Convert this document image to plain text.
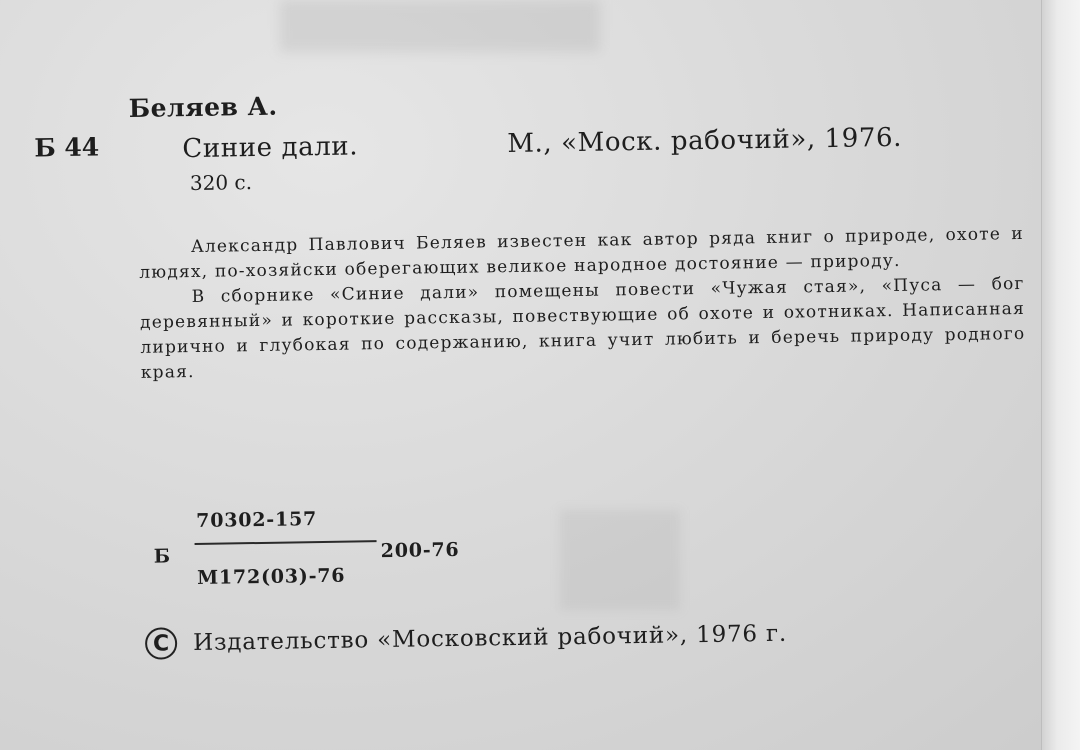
Беляев А.
Б 44	Синие дали.	М., «Моск. рабочий», 1976.
320 с.

Александр Павлович Беляев известен как автор ряда книг о природе, охоте и людях, по-хозяйски оберегающих великое народное достояние — природу.

В сборнике «Синие дали» помещены повести «Чужая стая», «Пуса — бог деревянный» и короткие рассказы, повествующие об охоте и охотниках. Написанная лирично и глубокая по содержанию, книга учит любить и беречь природу родного края.

Б
70302-157
М172(03)-76
200-76
C	Издательство «Московский рабочий», 1976 г.
